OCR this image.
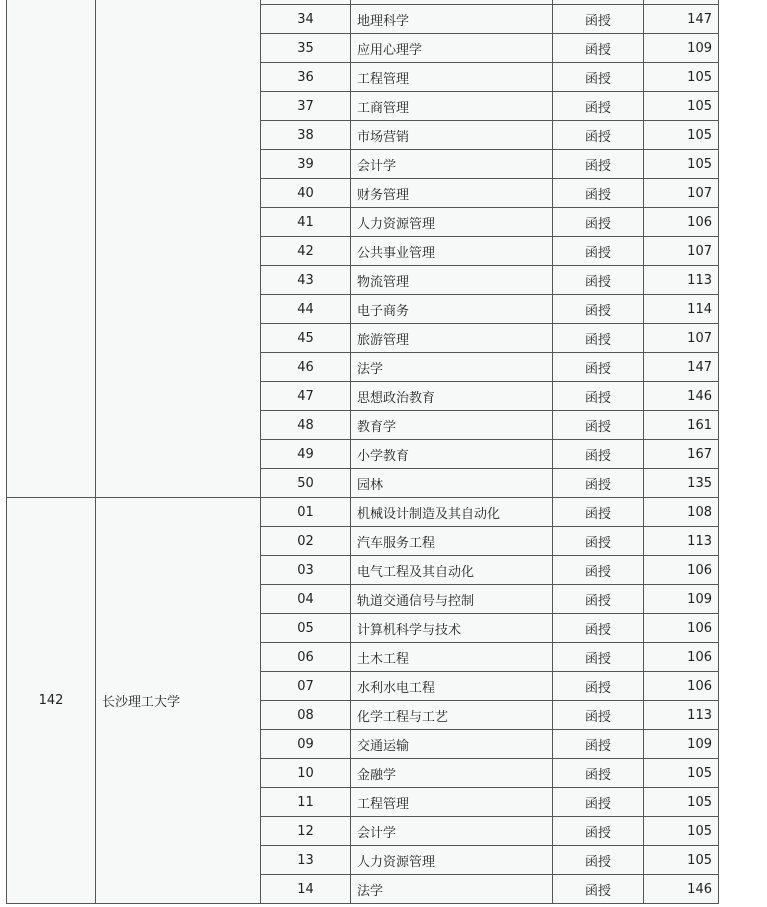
34	地理科学	函授	147
35	应用心理学	函授	109
36	工程管理	函授	105
37	工商管理	函授	105
38	市场营销	函授	105
39	会计学	函授	105
40	财务管理	函授	107
41	人力资源管理	函授	106
42	公共事业管理	函授	107
43	物流管理	函授	113
44	电子商务	函授	114
45	旅游管理	函授	107
46	法学	函授	147
47	思想政治教育	函授	146
48	教育学	函授	161
49	小学教育	函授	167
50	园林	函授	135
142	长沙理工大学
01	机械设计制造及其自动化	函授	108
02	汽车服务工程	函授	113
03	电气工程及其自动化	函授	106
04	轨道交通信号与控制	函授	109
05	计算机科学与技术	函授	106
06	土木工程	函授	106
07	水利水电工程	函授	106
08	化学工程与工艺	函授	113
09	交通运输	函授	109
10	金融学	函授	105
11	工程管理	函授	105
12	会计学	函授	105
13	人力资源管理	函授	105
14	法学	函授	146
